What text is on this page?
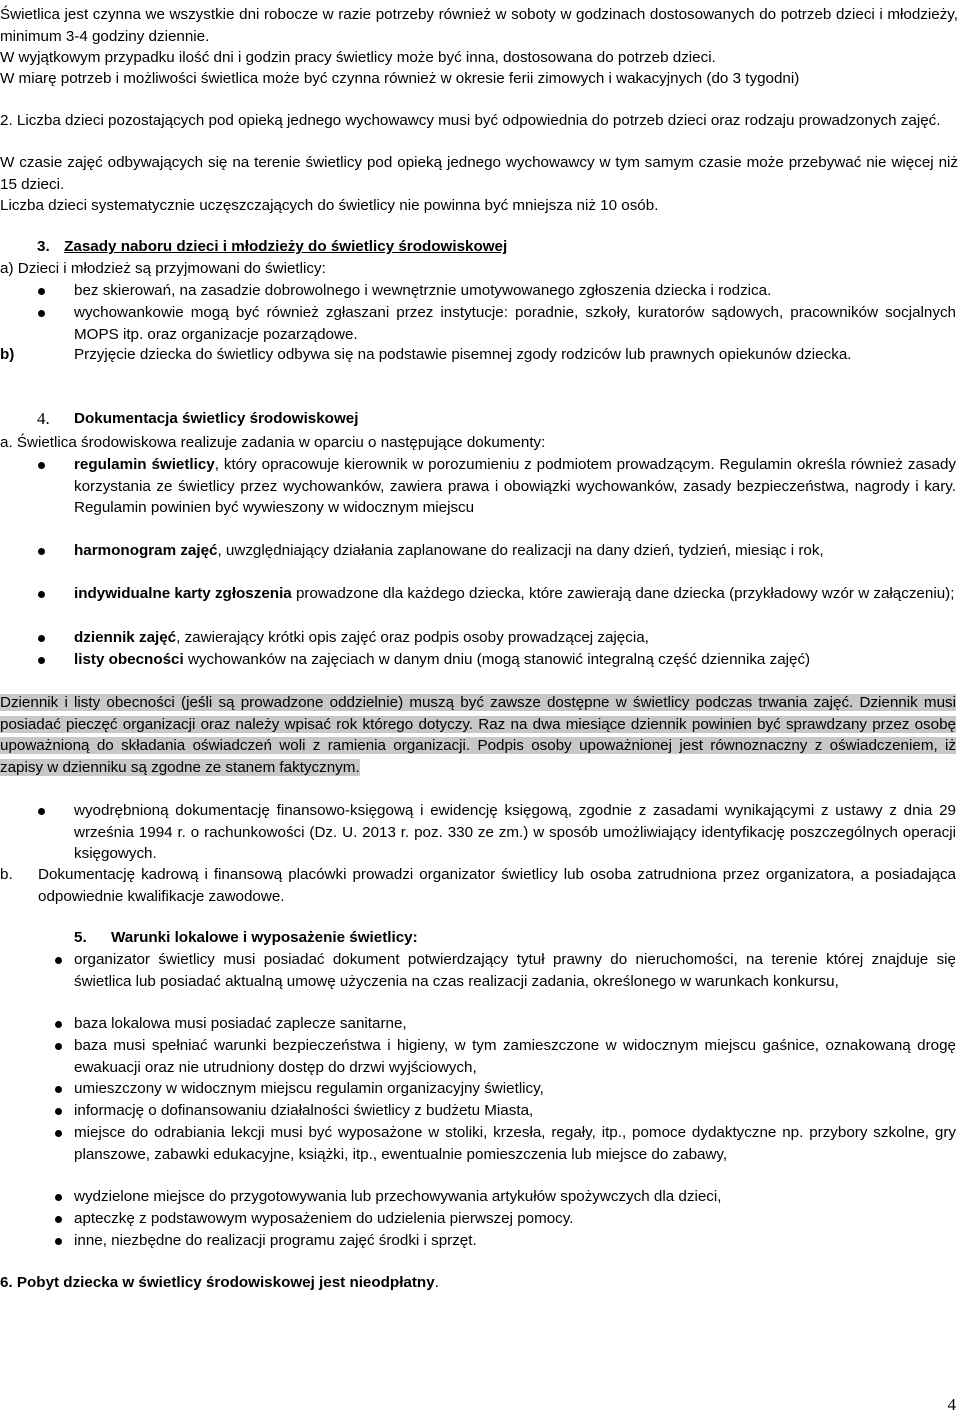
Świetlica jest czynna we wszystkie dni robocze w razie potrzeby również w soboty w godzinach dostosowanych do potrzeb dzieci i młodzieży, minimum 3-4 godziny dziennie.

W wyjątkowym przypadku ilość dni i godzin pracy świetlicy może być inna, dostosowana do potrzeb dzieci.

W miarę potrzeb i możliwości świetlica może być czynna również w okresie ferii zimowych i wakacyjnych (do 3 tygodni)

2. Liczba dzieci pozostających pod opieką jednego wychowawcy musi być odpowiednia do potrzeb dzieci oraz rodzaju prowadzonych zajęć.

W czasie zajęć odbywających się na terenie świetlicy pod opieką jednego wychowawcy w tym samym czasie może przebywać nie więcej niż 15 dzieci.

Liczba dzieci systematycznie uczęszczających do świetlicy nie powinna być mniejsza niż 10 osób.

3. Zasady naboru dzieci i młodzieży do świetlicy środowiskowej

a) Dzieci i młodzież są przyjmowani do świetlicy:

bez skierowań, na zasadzie dobrowolnego i wewnętrznie umotywowanego zgłoszenia dziecka i rodzica.
wychowankowie mogą być również zgłaszani przez instytucje: poradnie, szkoły, kuratorów sądowych, pracowników socjalnych MOPS itp. oraz organizacje pozarządowe.
b)	Przyjęcie dziecka do świetlicy odbywa się na podstawie pisemnej zgody rodziców lub prawnych opiekunów dziecka.
4. Dokumentacja świetlicy środowiskowej

a. Świetlica środowiskowa realizuje zadania w oparciu o następujące dokumenty:

regulamin świetlicy, który opracowuje kierownik w porozumieniu z podmiotem prowadzącym. Regulamin określa również zasady korzystania ze świetlicy przez wychowanków, zawiera prawa i obowiązki wychowanków, zasady bezpieczeństwa, nagrody i kary. Regulamin powinien być wywieszony w widocznym miejscu
harmonogram zajęć, uwzględniający działania zaplanowane do realizacji na dany dzień, tydzień, miesiąc i rok,
indywidualne karty zgłoszenia prowadzone dla każdego dziecka, które zawierają dane dziecka (przykładowy wzór w załączeniu);
dziennik zajęć, zawierający krótki opis zajęć oraz podpis osoby prowadzącej zajęcia,
listy obecności wychowanków na zajęciach w danym dniu (mogą stanowić integralną część dziennika zajęć)

Dziennik i listy obecności (jeśli są prowadzone oddzielnie) muszą być zawsze dostępne w świetlicy podczas trwania zajęć. Dziennik musi posiadać pieczęć organizacji oraz należy wpisać rok którego dotyczy. Raz na dwa miesiące dziennik powinien być sprawdzany przez osobę upoważnioną do składania oświadczeń woli z ramienia organizacji. Podpis osoby upoważnionej jest równoznaczny z oświadczeniem, iż zapisy w dzienniku są zgodne ze stanem faktycznym.

wyodrębnioną dokumentację finansowo-księgową i ewidencję księgową, zgodnie z zasadami wynikającymi z ustawy z dnia 29 września 1994 r. o rachunkowości (Dz. U. 2013 r. poz. 330 ze zm.) w sposób umożliwiający identyfikację poszczególnych operacji księgowych.
b. Dokumentację kadrową i finansową placówki prowadzi organizator świetlicy lub osoba zatrudniona przez organizatora, a posiadająca odpowiednie kwalifikacje zawodowe.
5. Warunki lokalowe i wyposażenie świetlicy:
organizator świetlicy musi posiadać dokument potwierdzający tytuł prawny do nieruchomości, na terenie której znajduje się świetlica lub posiadać aktualną umowę użyczenia na czas realizacji zadania, określonego w warunkach konkursu,
baza lokalowa musi posiadać zaplecze sanitarne,
baza musi spełniać warunki bezpieczeństwa i higieny, w tym zamieszczone w widocznym miejscu gaśnice, oznakowaną drogę ewakuacji oraz nie utrudniony dostęp do drzwi wyjściowych,
umieszczony w widocznym miejscu regulamin organizacyjny świetlicy,
informację o dofinansowaniu działalności świetlicy z budżetu Miasta,
miejsce do odrabiania lekcji musi być wyposażone w stoliki, krzesła, regały, itp., pomoce dydaktyczne np. przybory szkolne, gry planszowe, zabawki edukacyjne, książki, itp., ewentualnie pomieszczenia lub miejsce do zabawy,
wydzielone miejsce do przygotowywania lub przechowywania artykułów spożywczych dla dzieci,
apteczkę z podstawowym wyposażeniem do udzielenia pierwszej pomocy.
inne, niezbędne do realizacji programu zajęć środki i sprzęt.

6. Pobyt dziecka w świetlicy środowiskowej jest nieodpłatny.

4
